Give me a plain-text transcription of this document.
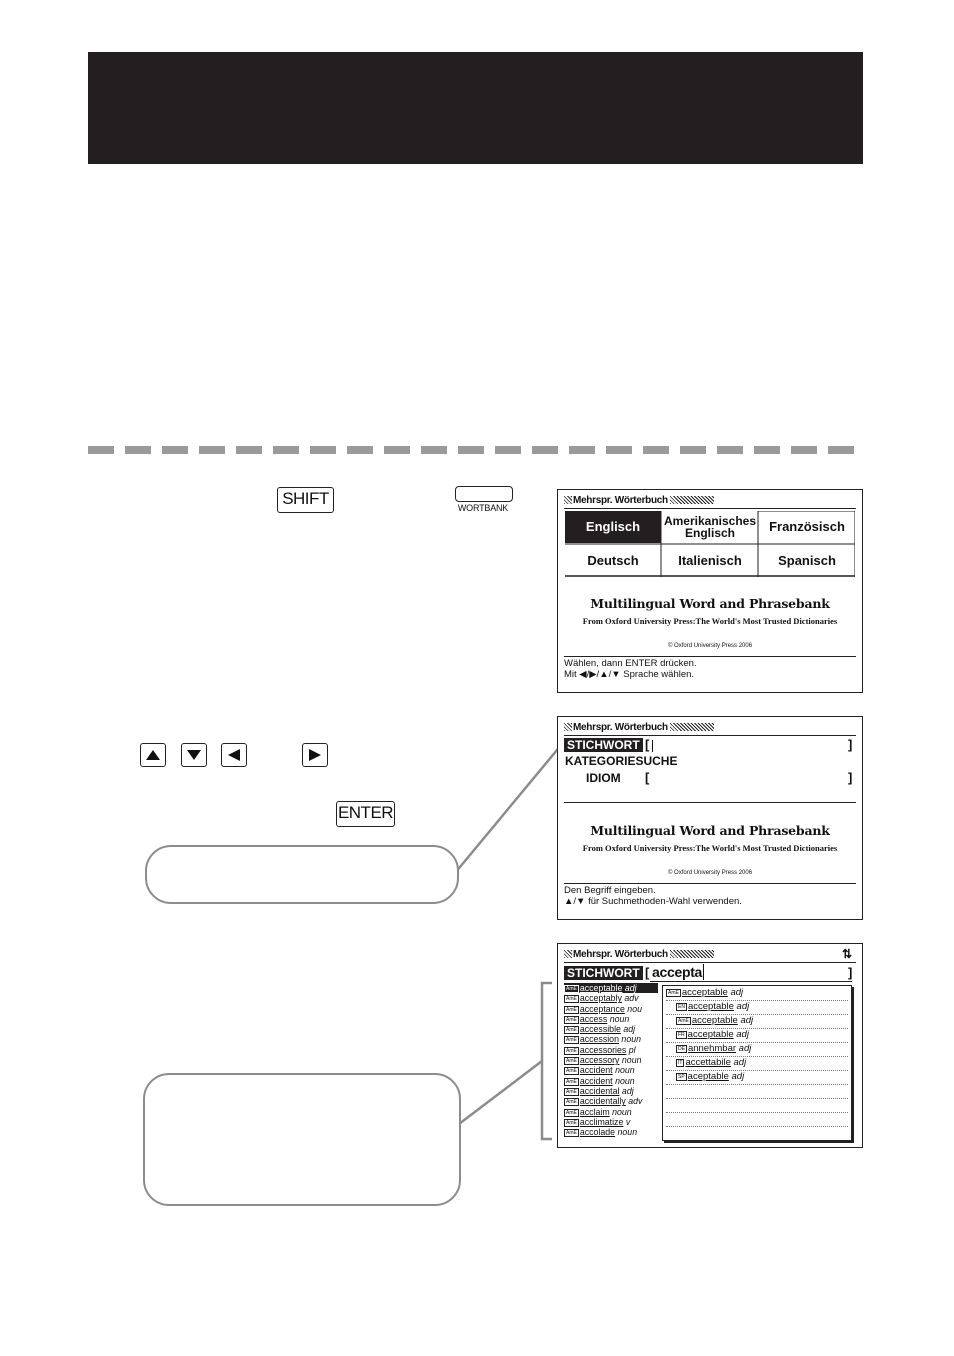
SHIFT	WORTBANK
ENTER
Mehrspr. Wörterbuch
Englisch	Amerikanisches Englisch	Französisch
Deutsch	Italienisch	Spanisch
Multilingual Word and Phrasebank
From Oxford University Press:The World's Most Trusted Dictionaries
© Oxford University Press 2006
Wählen, dann ENTER drücken.
Mit ◀/▶/▲/▼ Sprache wählen.
Mehrspr. Wörterbuch
STICHWORT [	]
KATEGORIESUCHE
IDIOM [	]
Multilingual Word and Phrasebank
From Oxford University Press:The World's Most Trusted Dictionaries
© Oxford University Press 2006
Den Begriff eingeben.
▲/▼ für Suchmethoden-Wahl verwenden.
Mehrspr. Wörterbuch	⇅
STICHWORT [ accepta	]
AmE acceptable adj
AmE acceptably adv
AmE acceptance nou
AmE access noun
AmE accessible adj
AmE accession noun
AmE accessories pl
AmE accessory noun
AmE accident noun
AmE accident noun
AmE accidental adj
AmE accidentally adv
AmE acclaim noun
AmE acclimatize v
AmE accolade noun
AmE acceptable adj
EN acceptable adj
AmE acceptable adj
FR acceptable adj
DE annehmbar adj
IT accettabile adj
SP aceptable adj
